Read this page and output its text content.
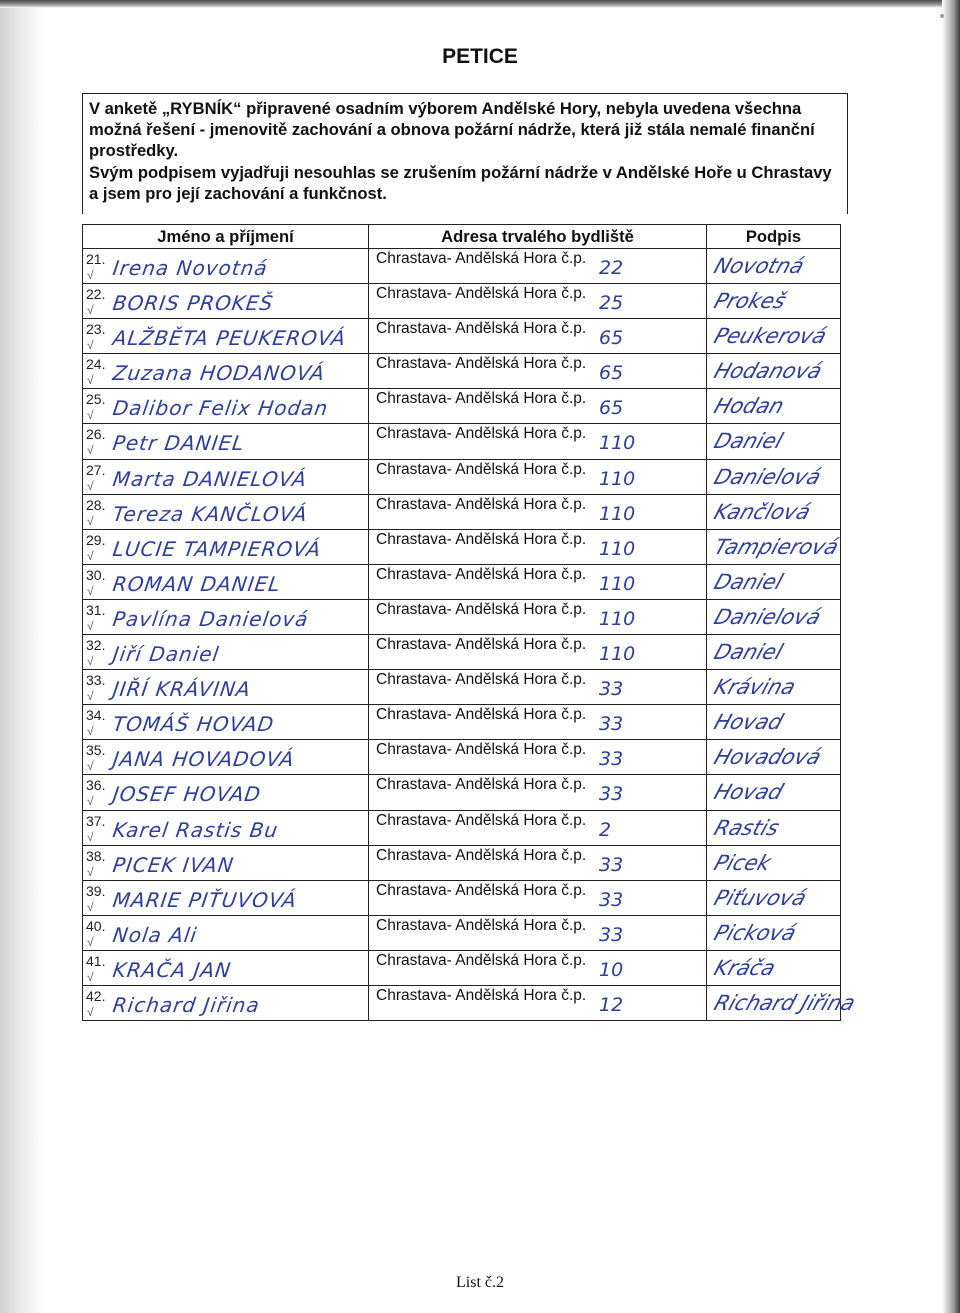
PETICE

V anketě „RYBNÍK“ připravené osadním výborem Andělské Hory, nebyla uvedena všechna možná řešení - jmenovitě zachování a obnova požární nádrže, která již stála nemalé finanční prostředky.

Svým podpisem vyjadřuji nesouhlas se zrušením požární nádrže v Andělské Hoře u Chrastavy a jsem pro její zachování a funkčnost.

Jméno a příjmení	Adresa trvalého bydliště	Podpis

21.
√ Irena Novotná	Chrastava- Andělská Hora č.p. 22	Novotná

22.
√ BORIS PROKEŠ	Chrastava- Andělská Hora č.p. 25	Prokeš

23.
√ ALŽBĚTA PEUKEROVÁ	Chrastava- Andělská Hora č.p. 65	Peukerová

24.
√ Zuzana HODANOVÁ	Chrastava- Andělská Hora č.p. 65	Hodanová

25.
√ Dalibor Felix Hodan	Chrastava- Andělská Hora č.p. 65	Hodan

26.
√ Petr DANIEL	Chrastava- Andělská Hora č.p. 110	Daniel

27.
√ Marta DANIELOVÁ	Chrastava- Andělská Hora č.p. 110	Danielová

28.
√ Tereza KANČLOVÁ	Chrastava- Andělská Hora č.p. 110	Kančlová

29.
√ LUCIE TAMPIEROVÁ	Chrastava- Andělská Hora č.p. 110	Tampierová

30.
√ ROMAN DANIEL	Chrastava- Andělská Hora č.p. 110	Daniel

31.
√ Pavlína Danielová	Chrastava- Andělská Hora č.p. 110	Danielová

32.
√ Jiří Daniel	Chrastava- Andělská Hora č.p. 110	Daniel

33.
√ JIŘÍ KRÁVINA	Chrastava- Andělská Hora č.p. 33	Krávina

34.
√ TOMÁŠ HOVAD	Chrastava- Andělská Hora č.p. 33	Hovad

35.
√ JANA HOVADOVÁ	Chrastava- Andělská Hora č.p. 33	Hovadová

36.
√ JOSEF HOVAD	Chrastava- Andělská Hora č.p. 33	Hovad

37.
√ Karel Rastis Bu	Chrastava- Andělská Hora č.p. 2	Rastis

38.
√ PICEK IVAN	Chrastava- Andělská Hora č.p. 33	Picek

39.
√ MARIE PIŤUVOVÁ	Chrastava- Andělská Hora č.p. 33	Piťuvová

40.
√ Nola Ali	Chrastava- Andělská Hora č.p. 33	Picková

41.
√ KRAČA JAN	Chrastava- Andělská Hora č.p. 10	Kráča

42.
√ Richard Jiřina	Chrastava- Andělská Hora č.p. 12	Richard Jiřina
List č.2
